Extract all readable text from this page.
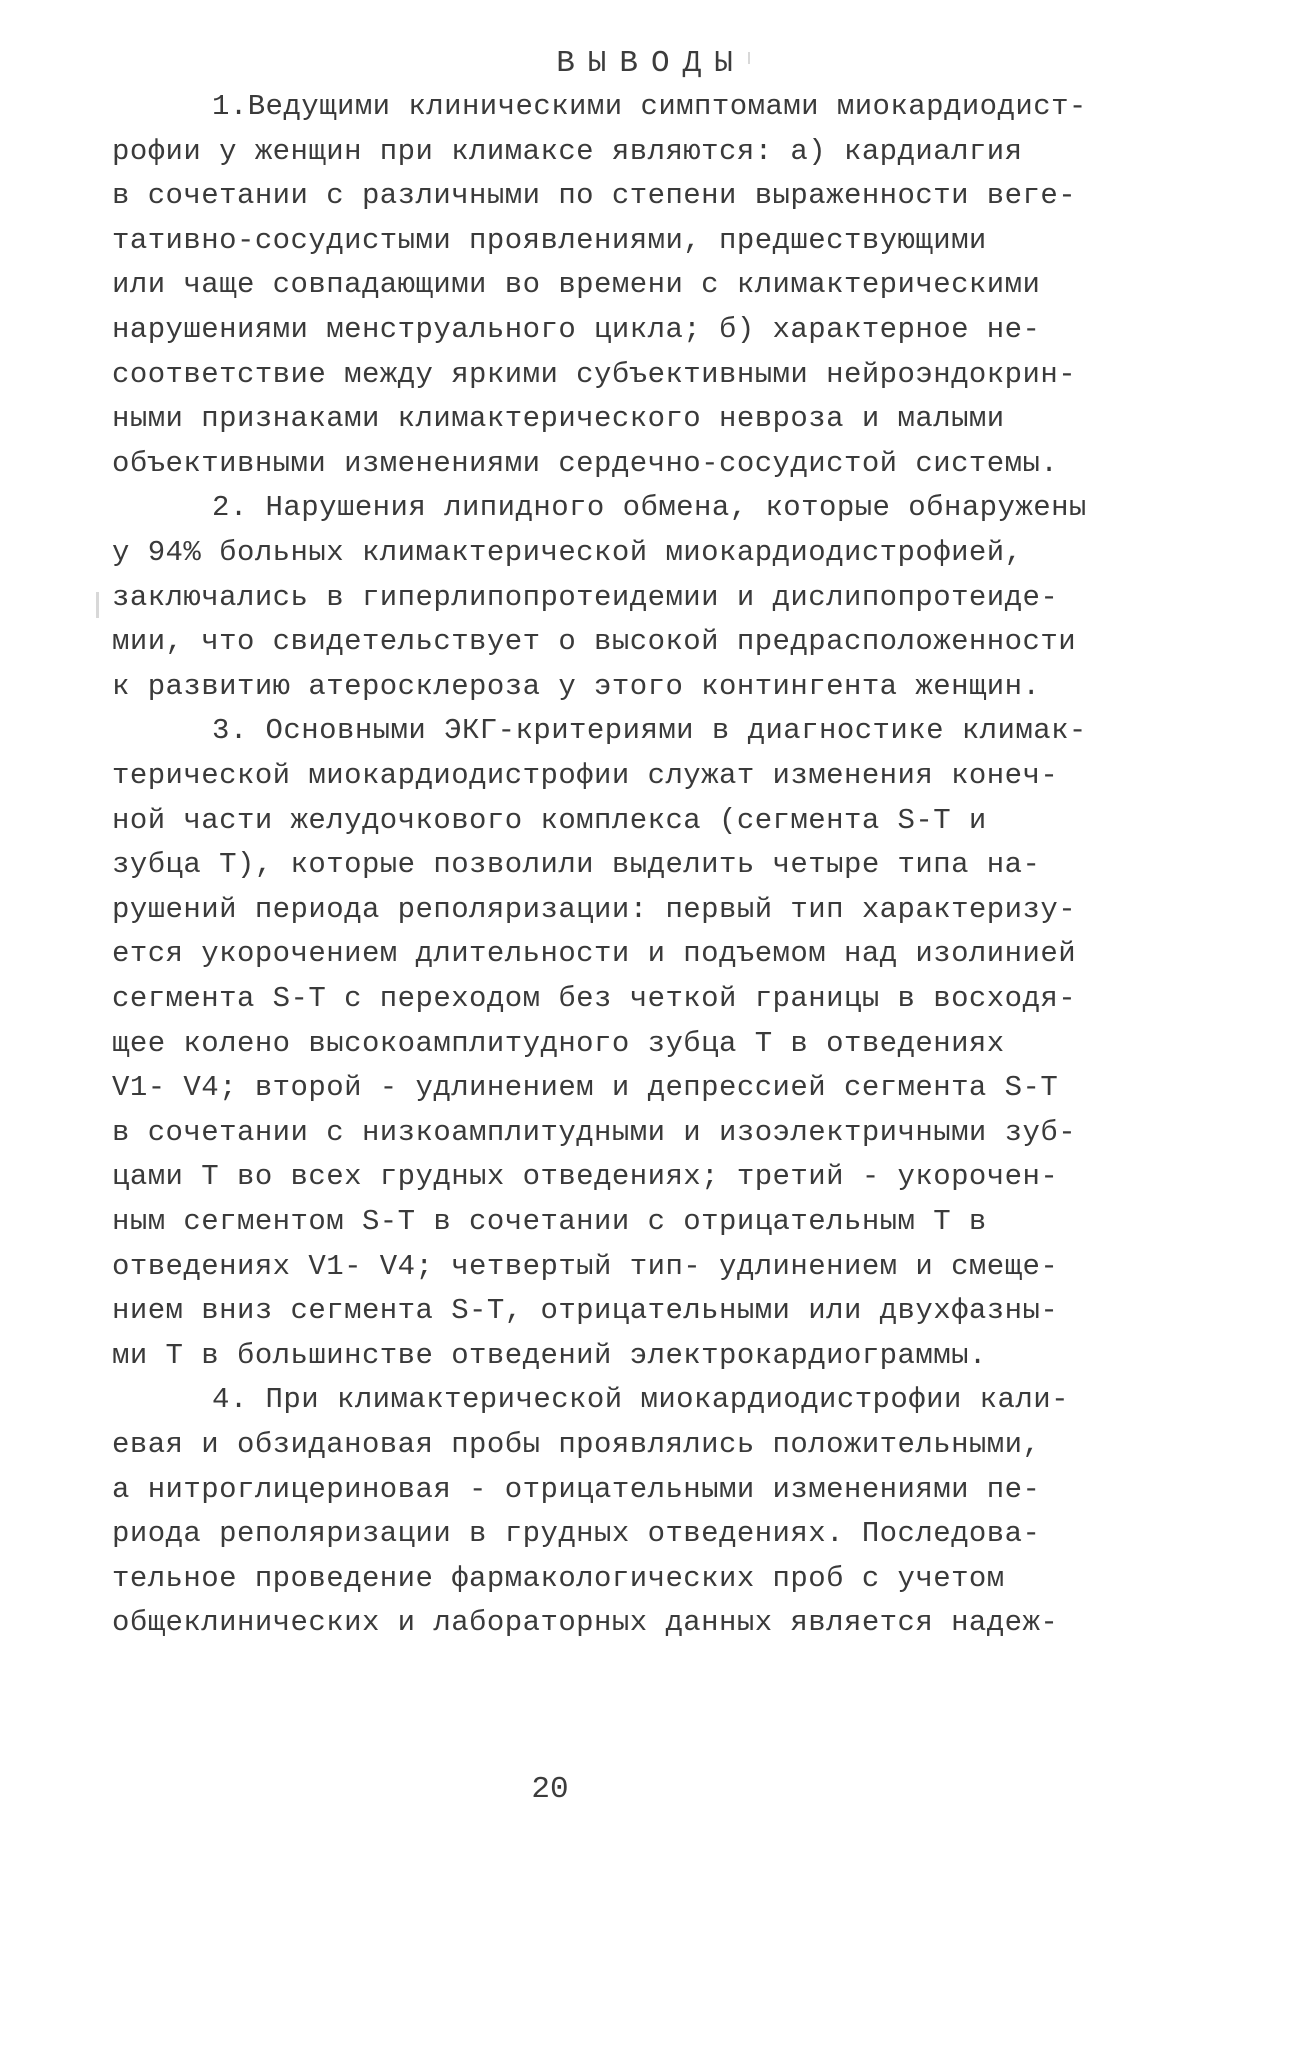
ВЫВОДЫ
1.Ведущими клиническими симптомами миокардиодист-
рофии у женщин при климаксе являются: а) кардиалгия
в сочетании с различными по степени выраженности веге-
тативно-сосудистыми проявлениями, предшествующими
или чаще совпадающими во времени с климактерическими
нарушениями менструального цикла; б) характерное не-
соответствие между яркими субъективными нейроэндокрин-
ными признаками климактерического невроза и малыми
объективными изменениями сердечно-сосудистой системы.
2. Нарушения липидного обмена, которые обнаружены
у 94% больных климактерической миокардиодистрофией,
заключались в гиперлипопротеидемии и дислипопротеиде-
мии, что свидетельствует о высокой предрасположенности
к развитию атеросклероза у этого контингента женщин.
3. Основными ЭКГ-критериями в диагностике климак-
терической миокардиодистрофии служат изменения конеч-
ной части желудочкового комплекса (сегмента S-T и
зубца Т), которые позволили выделить четыре типа на-
рушений периода реполяризации: первый тип характеризу-
ется укорочением длительности и подъемом над изолинией
сегмента S-T с переходом без четкой границы в восходя-
щее колено высокоамплитудного зубца Т в отведениях
V1- V4; второй - удлинением и депрессией сегмента S-T
в сочетании с низкоамплитудными и изоэлектричными зуб-
цами Т во всех грудных отведениях; третий - укорочен-
ным сегментом S-T в сочетании с отрицательным Т в
отведениях V1- V4; четвертый тип- удлинением и смеще-
нием вниз сегмента S-T, отрицательными или двухфазны-
ми Т в большинстве отведений электрокардиограммы.
4. При климактерической миокардиодистрофии кали-
евая и обзидановая пробы проявлялись положительными,
а нитроглицериновая - отрицательными изменениями пе-
риода реполяризации в грудных отведениях. Последова-
тельное проведение фармакологических проб с учетом
общеклинических и лабораторных данных является надеж-
20
